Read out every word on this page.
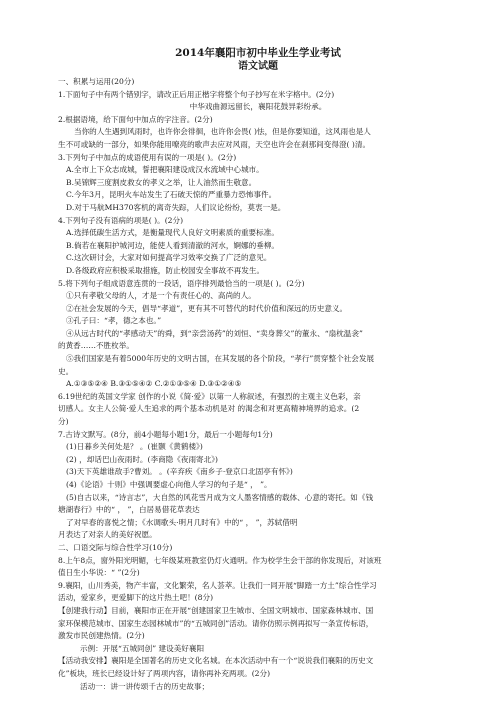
2014年襄阳市初中毕业生学业考试
语文试题
一、积累与运用(20分)
1.下面句子中有两个错别字，请改正后用正楷字将整个句子抄写在米字格中。(2分)
中华戏曲源远留长，襄阳花鼓异彩纷承。
2.根据语境，给下面句中加点的字注音。(2分)
当你的人生遇到风雨时，也许你会徘徊，也许你会畏( )怯，但是你要知道，这风雨也是人
生不可或缺的一部分，如果你能用嘹亮的歌声去应对风雨，天空也许会在刹那间变得澄( )清。
3.下列句子中加点的成语使用有误的一项是( )。(2分)
A.全市上下众志成城，誓把襄阳建设成汉水流域中心城市。
B.吴锦辉三度割皮救女的孝义之举，让人油然而生敬意。
C.今年3月，昆明火车站发生了石破天惊的严重暴力恐怖事件。
D.对于马航MH370客机的离奇失踪，人们议论纷纷，莫衷一是。
4.下列句子没有语病的项是( )。(2分)
A.选择低碳生活方式，是衡量现代人良好文明素质的重要标准。
B.倘若在襄阳护城河边，能使人看到清澈的河水，婀娜的垂柳。
C.这次研讨会，大家对如何提高学习效率交换了广泛的意见。
D.各级政府应积极采取措施，防止校园安全事故不再发生。
5.将下列句子组成语意连贯的一段话，语序排列最恰当的一项是( )。(2分)
①只有孝敬父母的人，才是一个有责任心的、高尚的人。
②在社会发展的今天，倡导“孝道”，更有其不可替代的时代价值和深远的历史意义。
③孔子曰：“孝，德之本也。”
④从远古时代的“孝感动天”的舜，到“亲尝汤药”的刘恒、“卖身葬父”的董永、“扇枕温衾”
的黄香……不胜枚举。
⑤我们国家是有着5000年历史的文明古国，在其发展的各个阶段，“孝行”贯穿整个社会发展
史。
A.①③⑤②④ B.③①⑤④② C.②①③⑤④ D.③①②④⑤
6.19世纪的英国文学家 创作的小说《简·爱》以第一人称叙述，有强烈的主观主义色彩，亲
切感人。女主人公简·爱人生追求的两个基本动机是对 的渴念和对更高精神境界的追求。(2
分)
7.古诗文默写。(8分，前4小题每小题1分，最后一小题每句1分)
(1)日暮乡关何处是？ 。(崔颢《黄鹤楼》)
(2) ，却话巴山夜雨时。(李商隐《夜雨寄北》)
(3)天下英雄谁敌手?曹刘。 。(辛弃疾《南乡子·登京口北固亭有怀》)
(4)《论语》十则》中强调要虚心向他人学习的句子是“ ， ”。
(5)自古以来，“诗言志”，大自然的风花雪月成为文人墨客情感的载体、心意的寄托。如《钱
塘湖春行》中的“ ， ”，白居易借花草表达
了对早春的喜悦之情；《水调歌头·明月几时有》中的“ ， ”，苏轼借明
月表达了对亲人的美好祝愿。
二、口语交际与综合性学习(10分)
8.上午8点，窗外阳光明媚，七年级某班教室仍灯火通明。作为校学生会干部的你发现后，对该班
值日生小华说：“ ”(2分)
9.襄阳，山川秀美，物产丰富，文化繁荣，名人荟萃。让我们一同开展“脚踏一方土”综合性学习
活动，爱家乡，更爱脚下的这片热土吧！(8分)
【创建我行动】目前，襄阳市正在开展“创建国家卫生城市、全国文明城市、国家森林城市、国
家环保模范城市、国家生态园林城市”的“五城同创”活动。请你仿照示例再拟写一条宣传标语，
激发市民创建热情。(2分)
示例：开展“五城同创” 建设美好襄阳
【活动我安排】襄阳是全国著名的历史文化名城。在本次活动中有一个“说说我们襄阳的历史文
化”板块，班长已经设计好了两项内容，请你再补充两项。(2分)
活动一：讲一讲传颂千古的历史故事；
